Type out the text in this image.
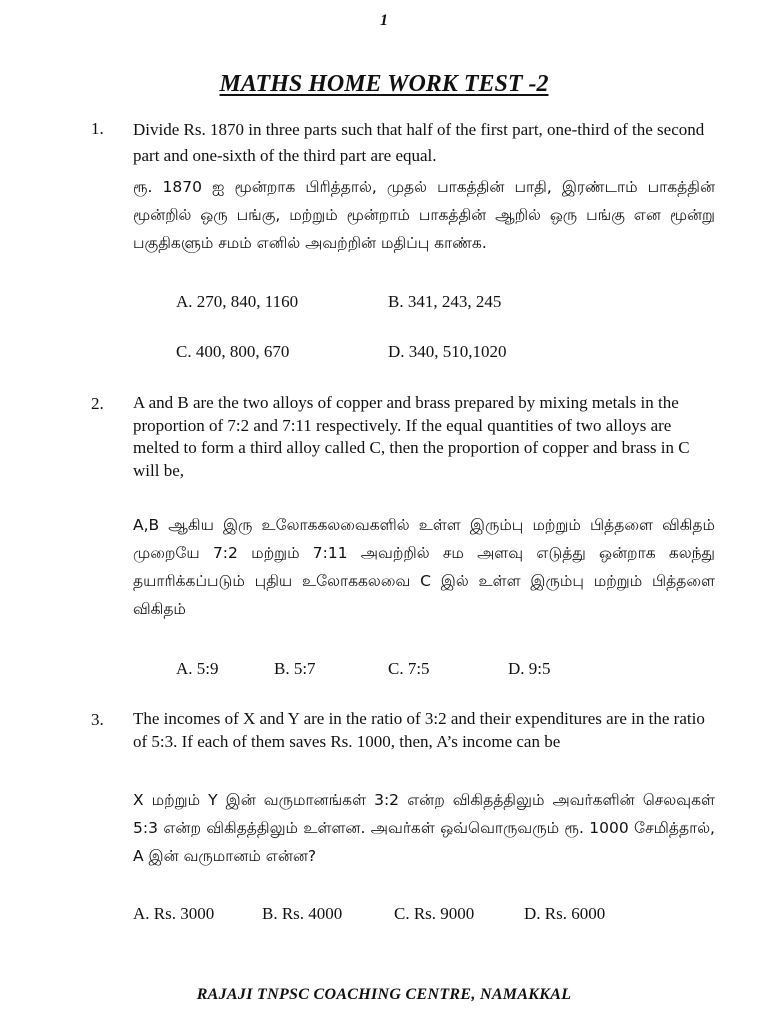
1
MATHS HOME WORK TEST -2
1. Divide Rs. 1870 in three parts such that half of the first part, one-third of the second part and one-sixth of the third part are equal.
ரூ. 1870 ஐ மூன்றாக பிரித்தால், முதல் பாகத்தின் பாதி, இரண்டாம் பாகத்தின் மூன்றில் ஒரு பங்கு, மற்றும் மூன்றாம் பாகத்தின் ஆறில் ஒரு பங்கு என மூன்று பகுதிகளும் சமம் எனில் அவற்றின் மதிப்பு காண்க.
A. 270, 840, 1160	B. 341, 243, 245
C. 400, 800, 670	D. 340, 510,1020
2. A and B are the two alloys of copper and brass prepared by mixing metals in the proportion of 7:2 and 7:11 respectively. If the equal quantities of two alloys are melted to form a third alloy called C, then the proportion of copper and brass in C will be,
A,B ஆகிய இரு உலோககலவைகளில் உள்ள இரும்பு மற்றும் பித்தளை விகிதம் முறையே 7:2 மற்றும் 7:11 அவற்றில் சம அளவு எடுத்து ஒன்றாக கலந்து தயாரிக்கப்படும் புதிய உலோககலவை C இல் உள்ள இரும்பு மற்றும் பித்தளை விகிதம்
A. 5:9	B. 5:7	C. 7:5	D. 9:5
3. The incomes of X and Y are in the ratio of 3:2 and their expenditures are in the ratio of 5:3. If each of them saves Rs. 1000, then, A’s income can be
X மற்றும் Y இன் வருமானங்கள் 3:2 என்ற விகிதத்திலும் அவர்களின் செலவுகள் 5:3 என்ற விகிதத்திலும் உள்ளன. அவர்கள் ஒவ்வொருவரும் ரூ. 1000 சேமித்தால், A இன் வருமானம் என்ன?
A. Rs. 3000	B. Rs. 4000	C. Rs. 9000	D. Rs. 6000
RAJAJI TNPSC COACHING CENTRE, NAMAKKAL
